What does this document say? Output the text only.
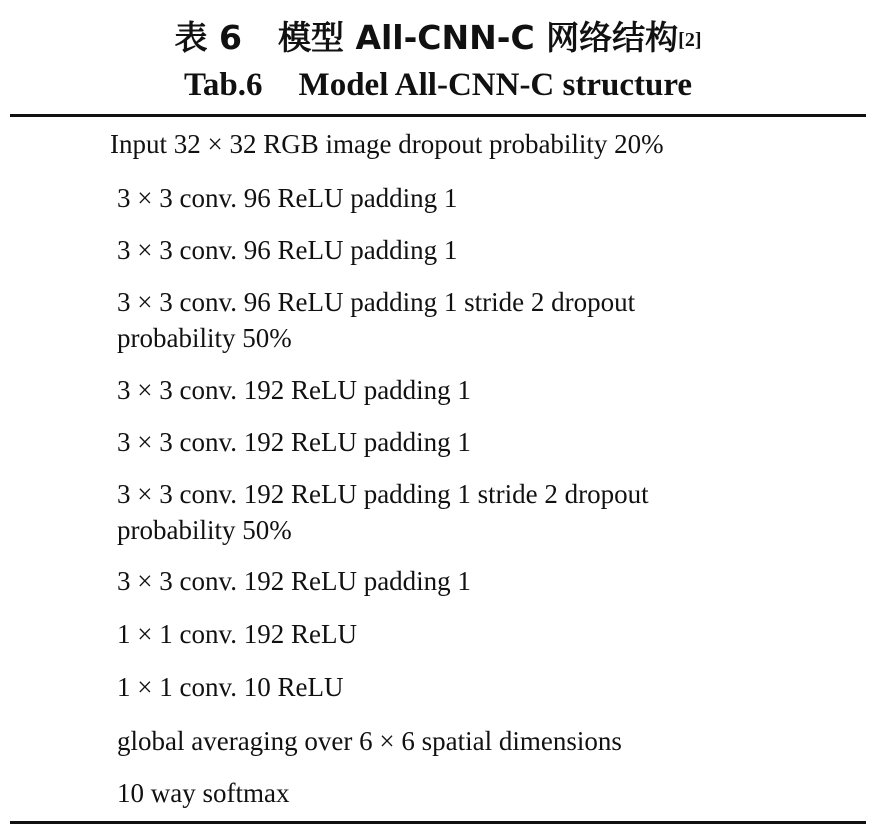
表 6 模型 All-CNN-C 网络结构[2]
Tab.6 Model All-CNN-C structure
Input 32 × 32 RGB image dropout probability 20%
3 × 3 conv. 96 ReLU padding 1
3 × 3 conv. 96 ReLU padding 1
3 × 3 conv. 96 ReLU padding 1 stride 2 dropout
probability 50%
3 × 3 conv. 192 ReLU padding 1
3 × 3 conv. 192 ReLU padding 1
3 × 3 conv. 192 ReLU padding 1 stride 2 dropout
probability 50%
3 × 3 conv. 192 ReLU padding 1
1 × 1 conv. 192 ReLU
1 × 1 conv. 10 ReLU
global averaging over 6 × 6 spatial dimensions
10 way softmax
